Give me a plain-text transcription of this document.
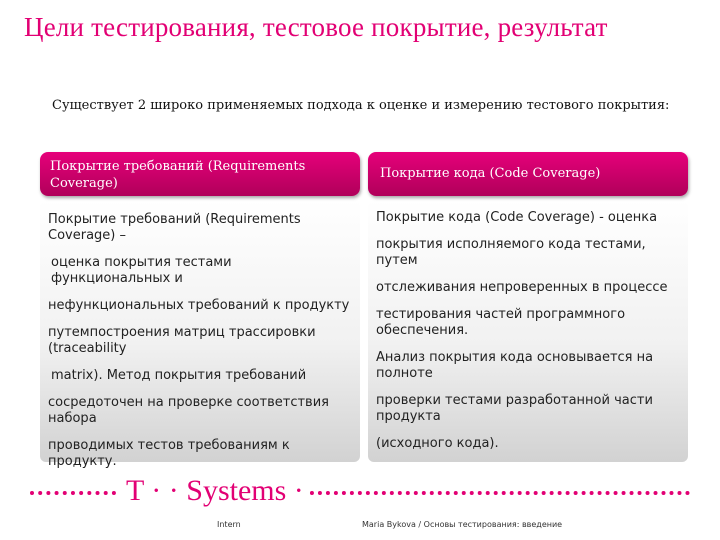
Цели тестирования, тестовое покрытие, результат
Существует 2 широко применяемых подхода к оценке и измерению тестового покрытия:
Покрытие требований (Requirements Coverage)
Покрытие кода (Code Coverage)

Покрытие требований (Requirements Coverage) –

оценка покрытия тестами функциональных и

нефункциональных требований к продукту

путемпостроения матриц трассировки (traceability

matrix). Метод покрытия требований

сосредоточен на проверке соответствия набора

проводимых тестов требованиям к продукту.

Покрытие кода (Code Coverage) - оценка

покрытия исполняемого кода тестами, путем

отслеживания непроверенных в процессе

тестирования частей программного обеспечения.

Анализ покрытия кода основывается на полноте

проверки тестами разработанной части продукта

(исходного кода).

T · · Systems ·
Intern	Maria Bykova / Основы тестирования: введение
